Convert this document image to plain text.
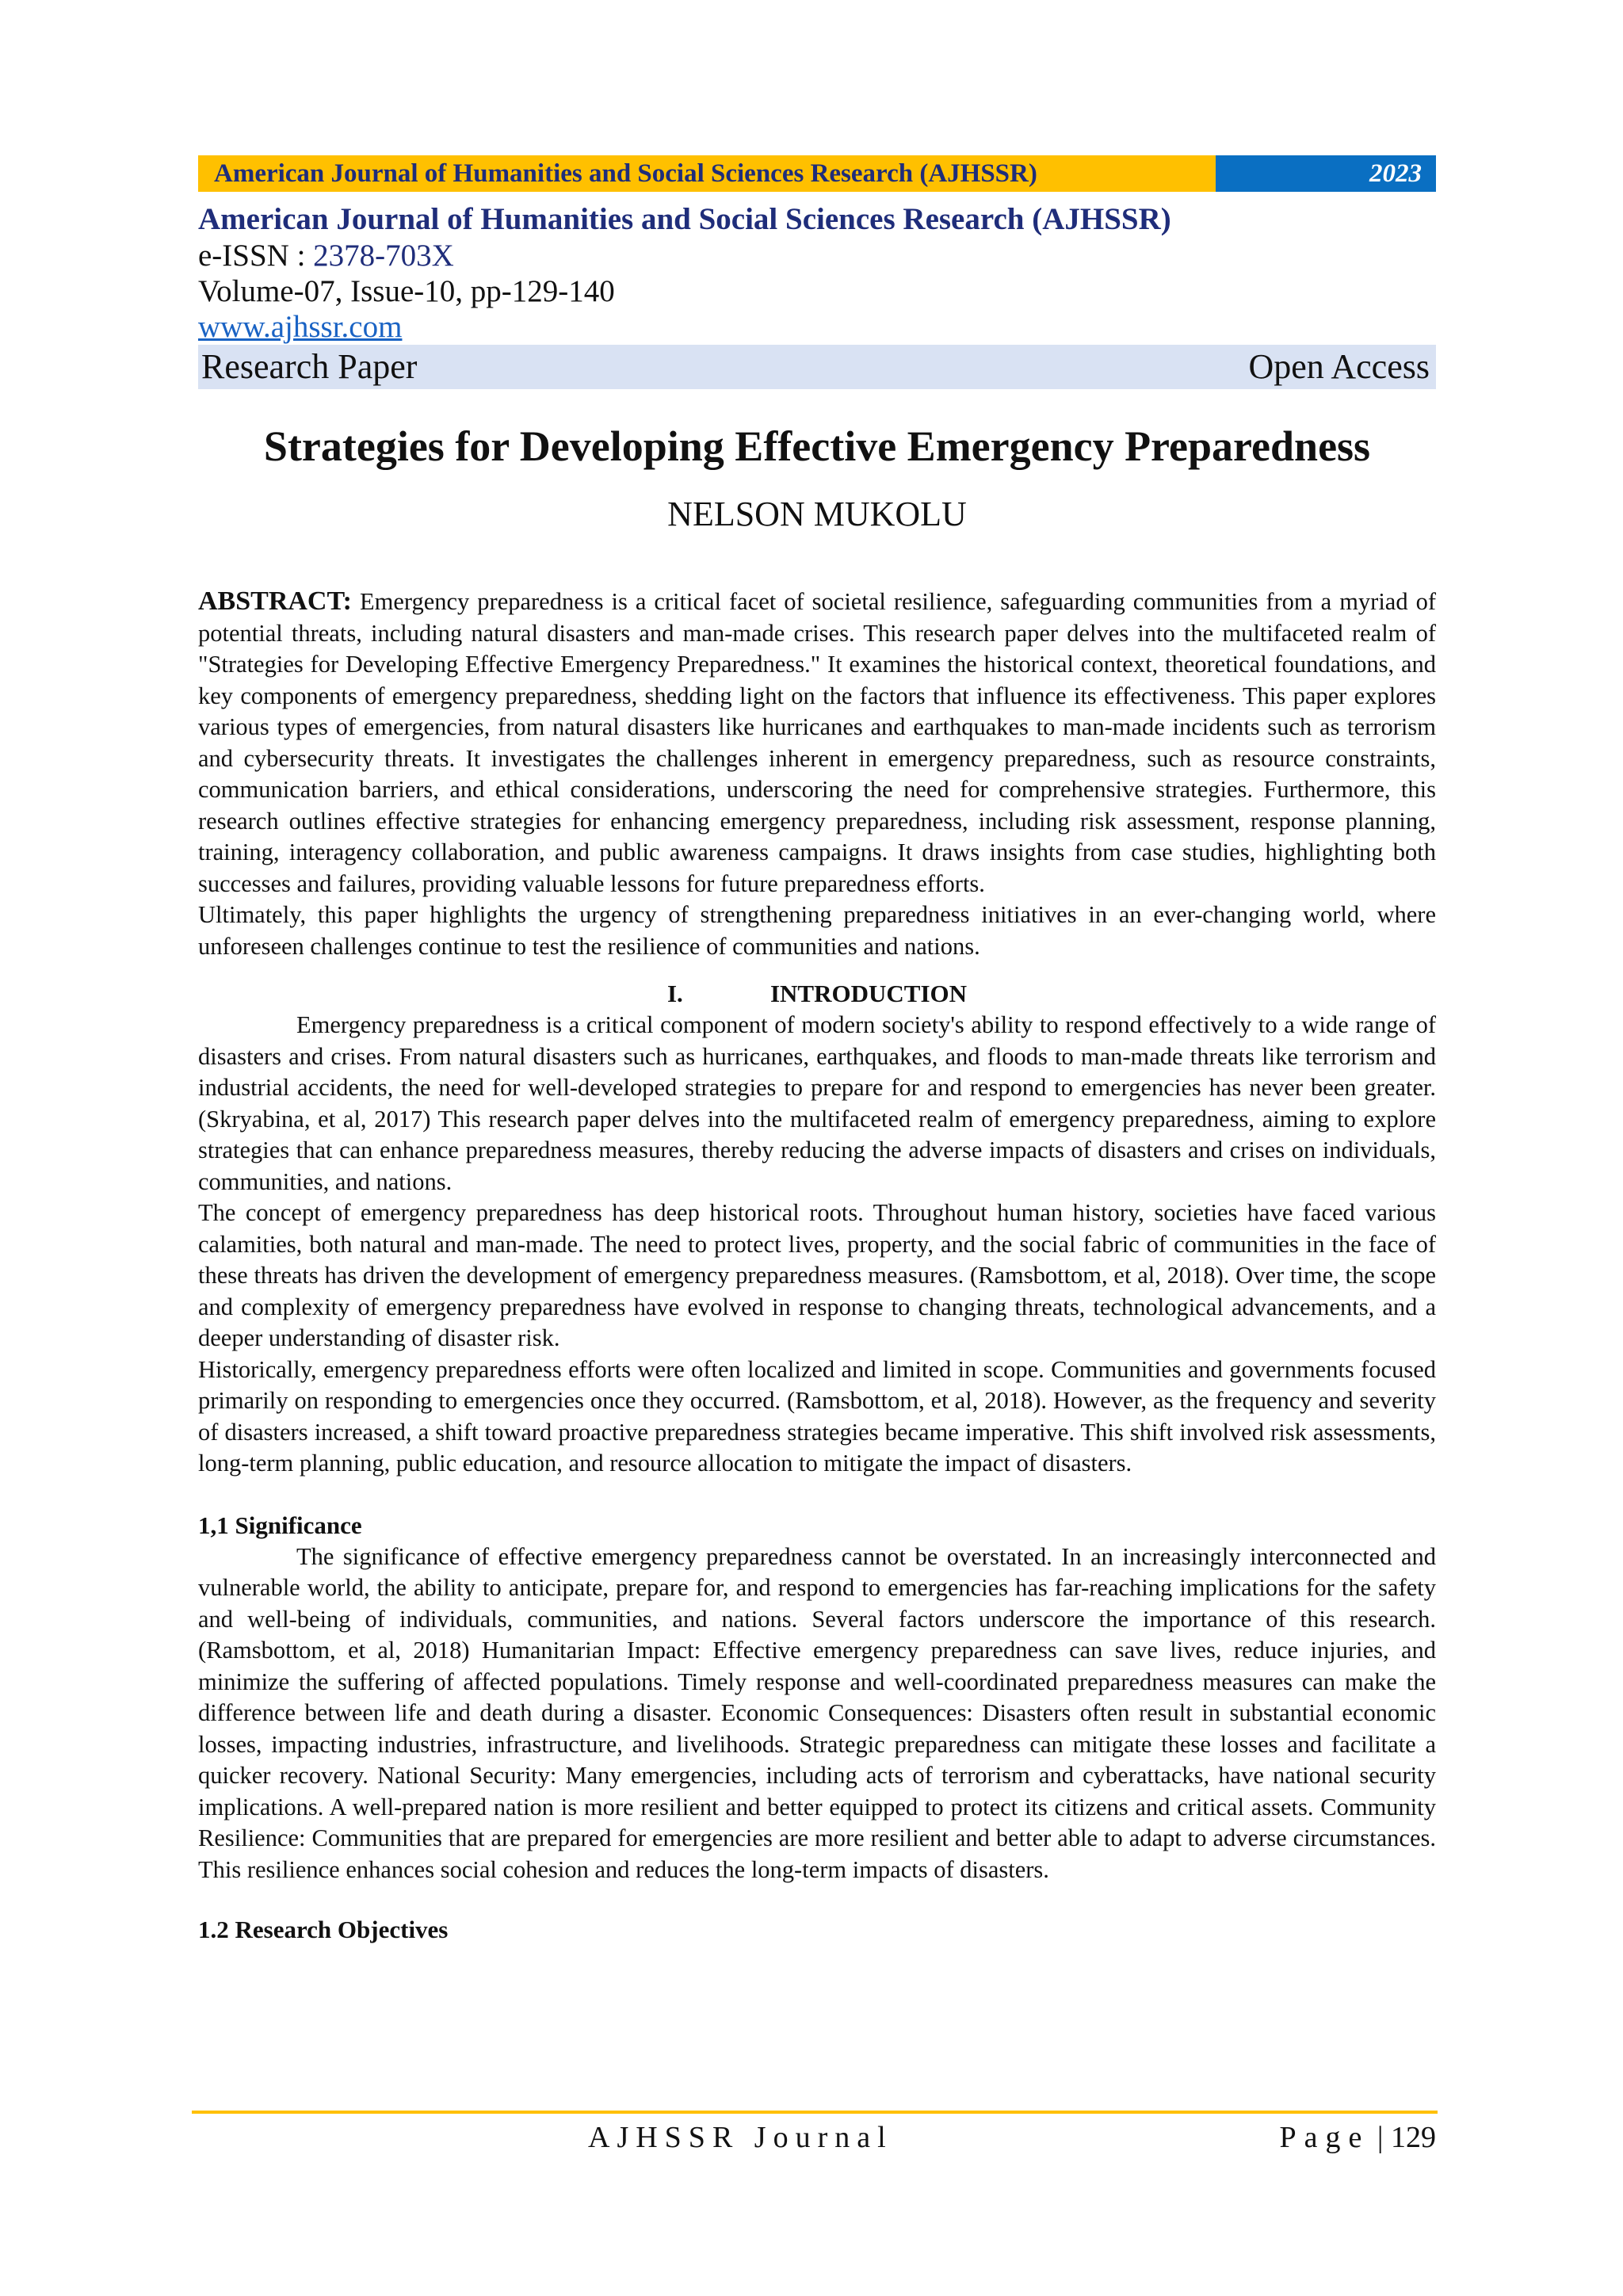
American Journal of Humanities and Social Sciences Research (AJHSSR)	2023
American Journal of Humanities and Social Sciences Research (AJHSSR)
e-ISSN : 2378-703X
Volume-07, Issue-10, pp-129-140
www.ajhssr.com
Research Paper	Open Access
Strategies for Developing Effective Emergency Preparedness
NELSON MUKOLU

ABSTRACT: Emergency preparedness is a critical facet of societal resilience, safeguarding communities from a myriad of potential threats, including natural disasters and man-made crises. This research paper delves into the multifaceted realm of "Strategies for Developing Effective Emergency Preparedness." It examines the historical context, theoretical foundations, and key components of emergency preparedness, shedding light on the factors that influence its effectiveness. This paper explores various types of emergencies, from natural disasters like hurricanes and earthquakes to man-made incidents such as terrorism and cybersecurity threats. It investigates the challenges inherent in emergency preparedness, such as resource constraints, communication barriers, and ethical considerations, underscoring the need for comprehensive strategies. Furthermore, this research outlines effective strategies for enhancing emergency preparedness, including risk assessment, response planning, training, interagency collaboration, and public awareness campaigns. It draws insights from case studies, highlighting both successes and failures, providing valuable lessons for future preparedness efforts.

Ultimately, this paper highlights the urgency of strengthening preparedness initiatives in an ever-changing world, where unforeseen challenges continue to test the resilience of communities and nations.

I.	INTRODUCTION

Emergency preparedness is a critical component of modern society's ability to respond effectively to a wide range of disasters and crises. From natural disasters such as hurricanes, earthquakes, and floods to man-made threats like terrorism and industrial accidents, the need for well-developed strategies to prepare for and respond to emergencies has never been greater. (Skryabina, et al, 2017) This research paper delves into the multifaceted realm of emergency preparedness, aiming to explore strategies that can enhance preparedness measures, thereby reducing the adverse impacts of disasters and crises on individuals, communities, and nations.

The concept of emergency preparedness has deep historical roots. Throughout human history, societies have faced various calamities, both natural and man-made. The need to protect lives, property, and the social fabric of communities in the face of these threats has driven the development of emergency preparedness measures. (Ramsbottom, et al, 2018). Over time, the scope and complexity of emergency preparedness have evolved in response to changing threats, technological advancements, and a deeper understanding of disaster risk.

Historically, emergency preparedness efforts were often localized and limited in scope. Communities and governments focused primarily on responding to emergencies once they occurred. (Ramsbottom, et al, 2018). However, as the frequency and severity of disasters increased, a shift toward proactive preparedness strategies became imperative. This shift involved risk assessments, long-term planning, public education, and resource allocation to mitigate the impact of disasters.

1,1 Significance

The significance of effective emergency preparedness cannot be overstated. In an increasingly interconnected and vulnerable world, the ability to anticipate, prepare for, and respond to emergencies has far-reaching implications for the safety and well-being of individuals, communities, and nations. Several factors underscore the importance of this research. (Ramsbottom, et al, 2018) Humanitarian Impact: Effective emergency preparedness can save lives, reduce injuries, and minimize the suffering of affected populations. Timely response and well-coordinated preparedness measures can make the difference between life and death during a disaster. Economic Consequences: Disasters often result in substantial economic losses, impacting industries, infrastructure, and livelihoods. Strategic preparedness can mitigate these losses and facilitate a quicker recovery. National Security: Many emergencies, including acts of terrorism and cyberattacks, have national security implications. A well-prepared nation is more resilient and better equipped to protect its citizens and critical assets. Community Resilience: Communities that are prepared for emergencies are more resilient and better able to adapt to adverse circumstances. This resilience enhances social cohesion and reduces the long-term impacts of disasters.

1.2 Research Objectives
AJHSSR Journal	Page | 129
